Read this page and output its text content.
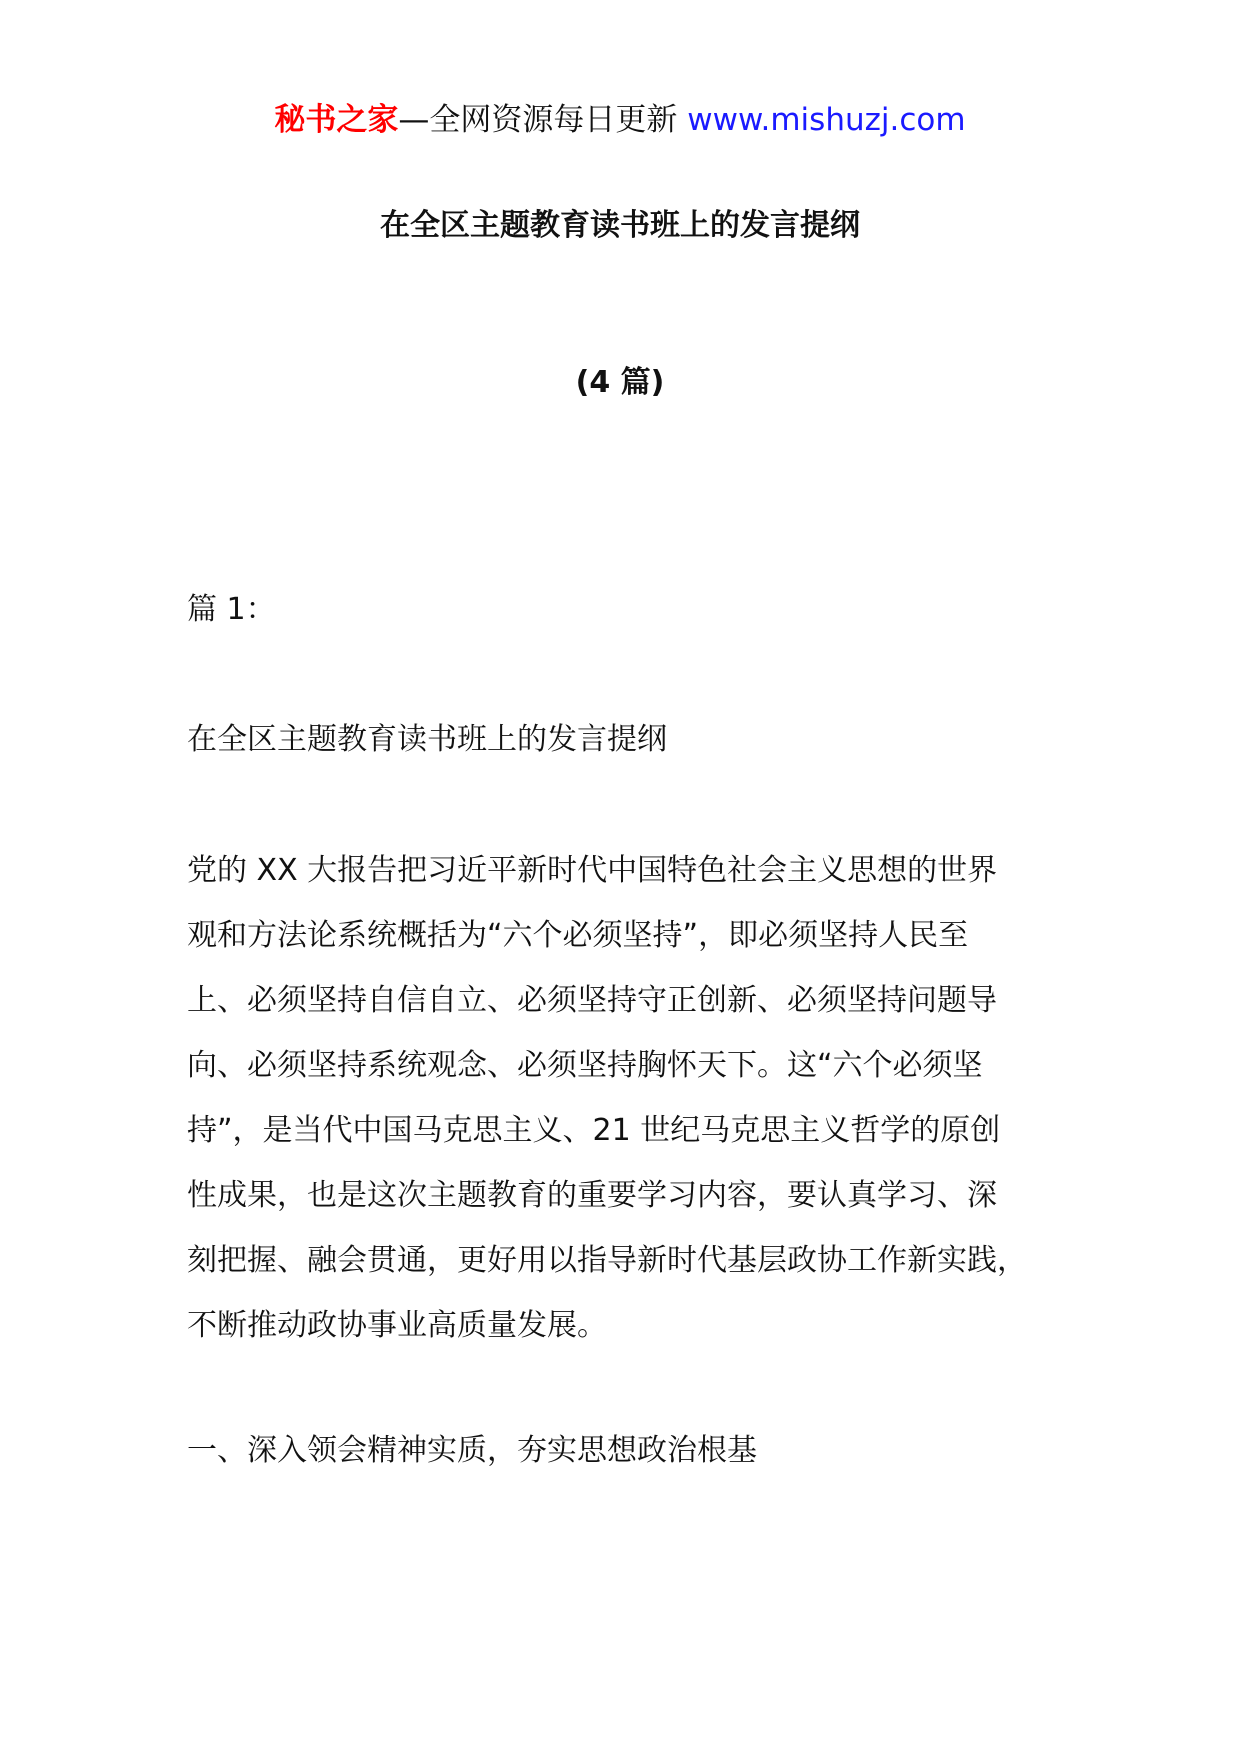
秘书之家—全网资源每日更新 www.mishuzj.com
在全区主题教育读书班上的发言提纲
(4 篇)
篇 1：
在全区主题教育读书班上的发言提纲
党的 XX 大报告把习近平新时代中国特色社会主义思想的世界
观和方法论系统概括为“六个必须坚持”，即必须坚持人民至
上、必须坚持自信自立、必须坚持守正创新、必须坚持问题导
向、必须坚持系统观念、必须坚持胸怀天下。这“六个必须坚
持”，是当代中国马克思主义、21 世纪马克思主义哲学的原创
性成果，也是这次主题教育的重要学习内容，要认真学习、深
刻把握、融会贯通，更好用以指导新时代基层政协工作新实践，
不断推动政协事业高质量发展。
一、深入领会精神实质，夯实思想政治根基
